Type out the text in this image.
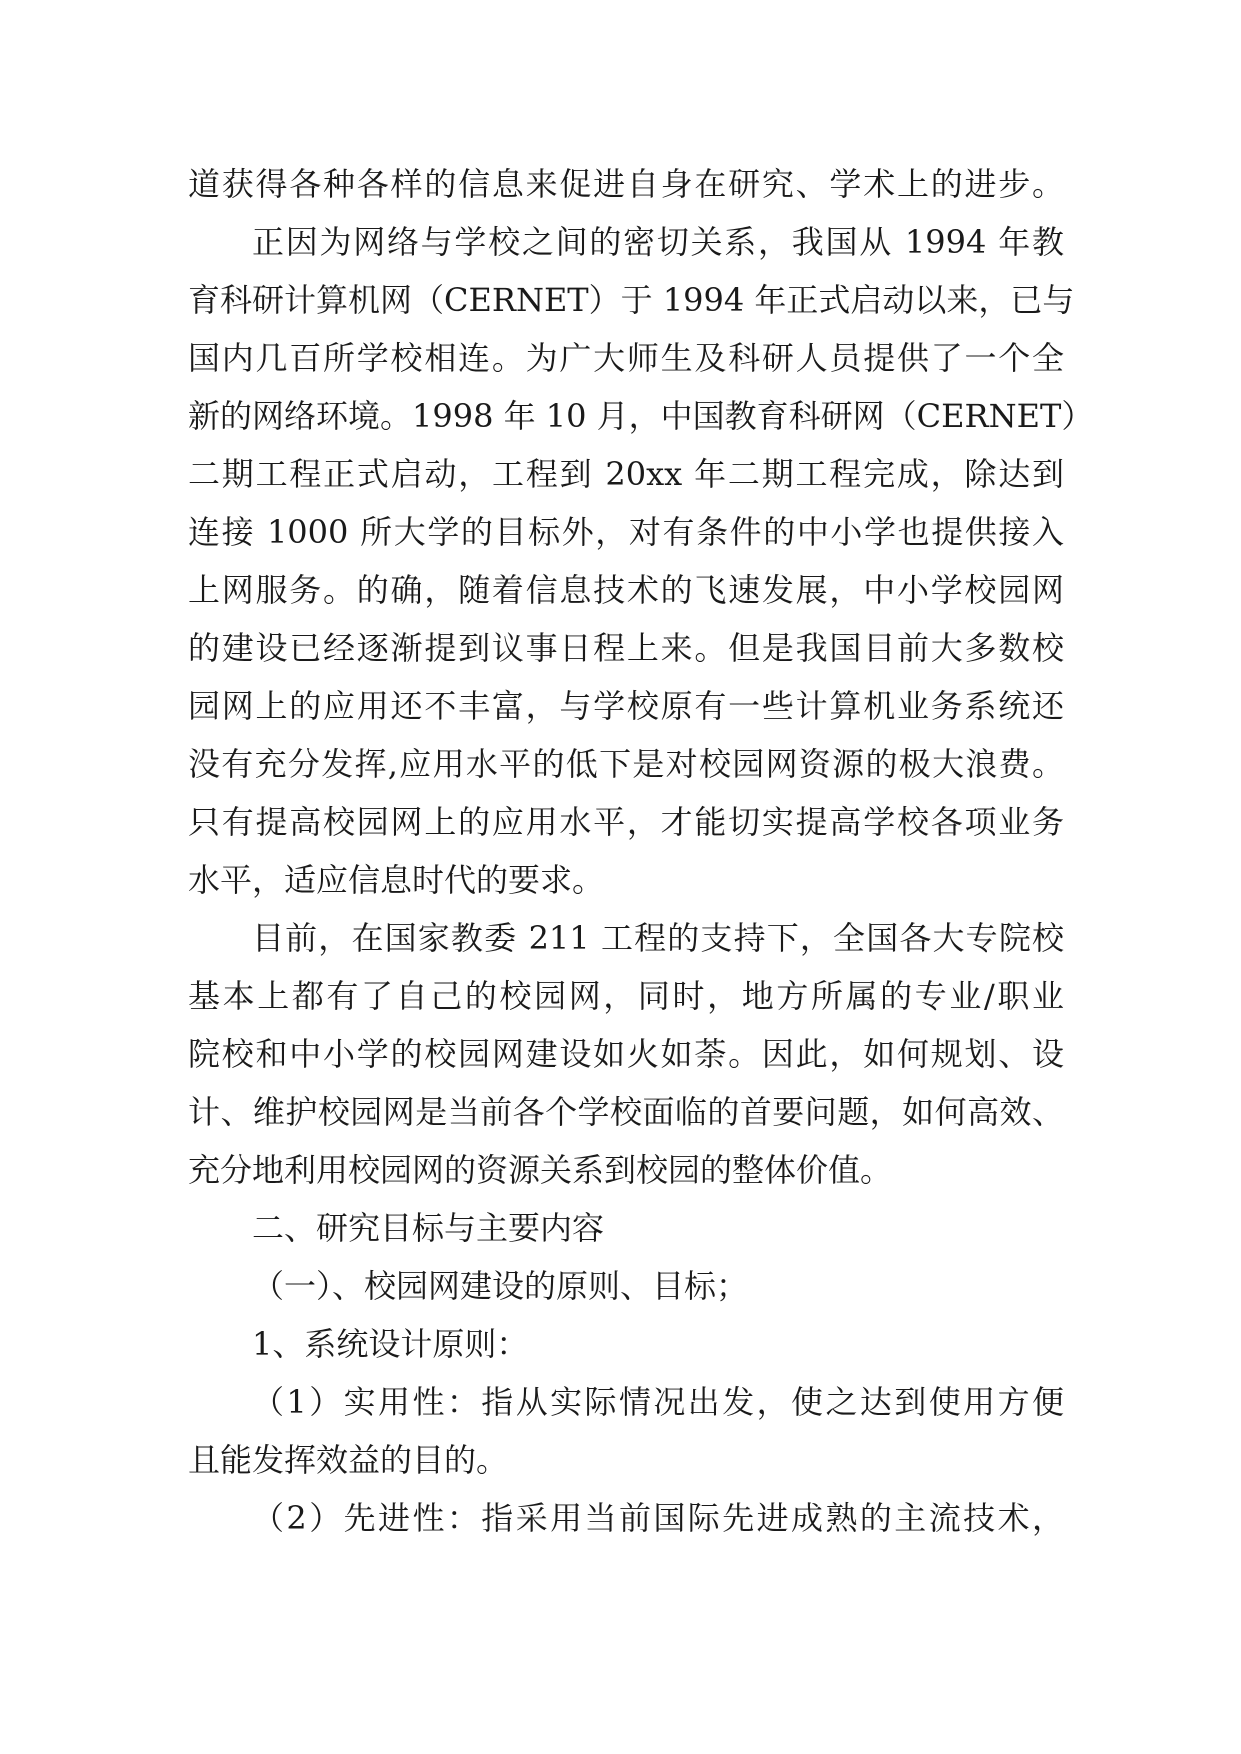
道获得各种各样的信息来促进自身在研究、学术上的进步。
正因为网络与学校之间的密切关系，我国从 1994 年教
育科研计算机网（CERNET）于 1994 年正式启动以来，已与
国内几百所学校相连。为广大师生及科研人员提供了一个全
新的网络环境。1998 年 10 月，中国教育科研网（CERNET）
二期工程正式启动，工程到 20xx 年二期工程完成，除达到
连接 1000 所大学的目标外，对有条件的中小学也提供接入
上网服务。的确，随着信息技术的飞速发展，中小学校园网
的建设已经逐渐提到议事日程上来。但是我国目前大多数校
园网上的应用还不丰富，与学校原有一些计算机业务系统还
没有充分发挥,应用水平的低下是对校园网资源的极大浪费。
只有提高校园网上的应用水平，才能切实提高学校各项业务
水平，适应信息时代的要求。
目前，在国家教委 211 工程的支持下，全国各大专院校
基本上都有了自己的校园网，同时，地方所属的专业/职业
院校和中小学的校园网建设如火如荼。因此，如何规划、设
计、维护校园网是当前各个学校面临的首要问题，如何高效、
充分地利用校园网的资源关系到校园的整体价值。
二、研究目标与主要内容
（一）、校园网建设的原则、目标；
1、系统设计原则：
（1）实用性：指从实际情况出发，使之达到使用方便
且能发挥效益的目的。
（2）先进性：指采用当前国际先进成熟的主流技术，
